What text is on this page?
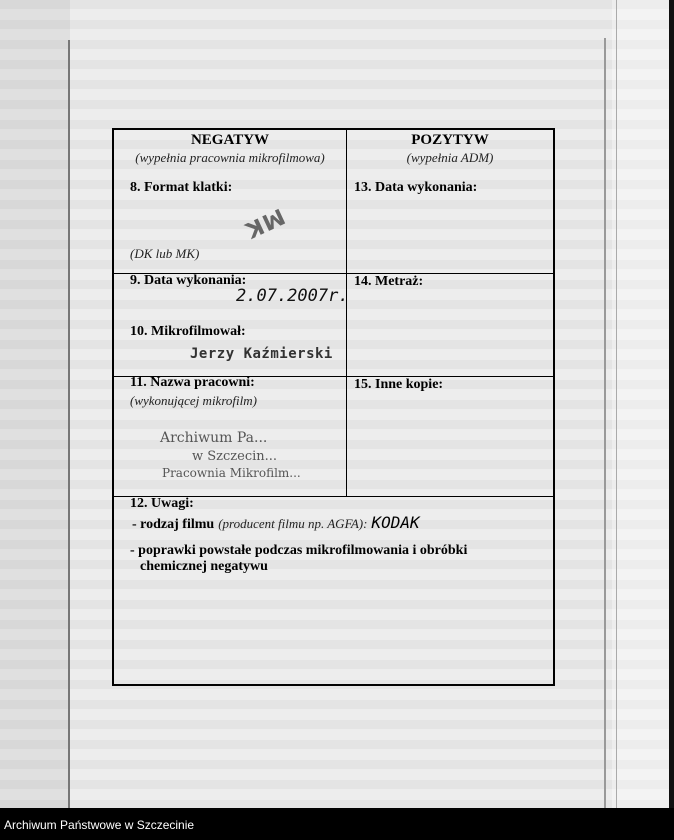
NEGATYW
(wypełnia pracownia mikrofilmowa)
POZYTYW
(wypełnia ADM)
8. Format klatki:
MK
(DK lub MK)
13. Data wykonania:
9. Data wykonania:
2.07.2007r.
10. Mikrofilmował:
Jerzy Kaźmierski
14. Metraż:
11. Nazwa pracowni:
(wykonującej mikrofilm)
Archiwum Pa...
w Szczecin...
Pracownia Mikrofilm...
15. Inne kopie:
12. Uwagi:
- rodzaj filmu (producent filmu np. AGFA): KODAK
- poprawki powstałe podczas mikrofilmowania i obróbki
chemicznej negatywu
Archiwum Państwowe w Szczecinie
